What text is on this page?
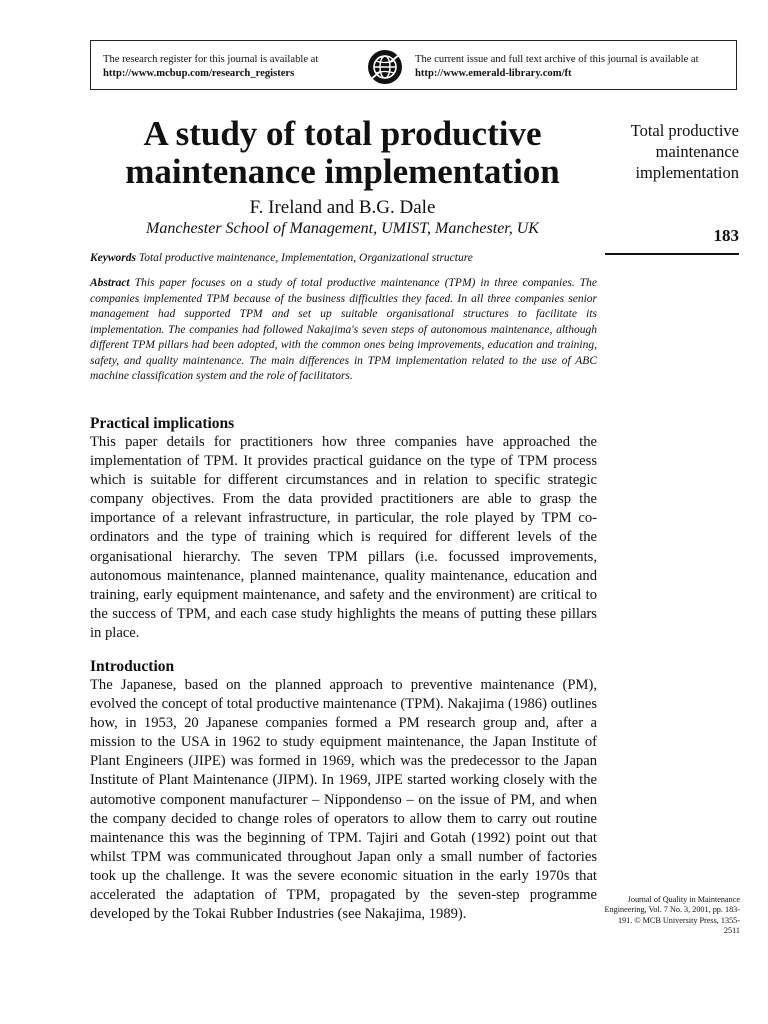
The research register for this journal is available at
http://www.mcbup.com/research_registers
The current issue and full text archive of this journal is available at
http://www.emerald-library.com/ft
A study of total productive maintenance implementation
F. Ireland and B.G. Dale
Manchester School of Management, UMIST, Manchester, UK
Total productive maintenance implementation
183
Keywords Total productive maintenance, Implementation, Organizational structure

Abstract This paper focuses on a study of total productive maintenance (TPM) in three companies. The companies implemented TPM because of the business difficulties they faced. In all three companies senior management had supported TPM and set up suitable organisational structures to facilitate its implementation. The companies had followed Nakajima's seven steps of autonomous maintenance, although different TPM pillars had been adopted, with the common ones being improvements, education and training, safety, and quality maintenance. The main differences in TPM implementation related to the use of ABC machine classification system and the role of facilitators.

Practical implications

This paper details for practitioners how three companies have approached the implementation of TPM. It provides practical guidance on the type of TPM process which is suitable for different circumstances and in relation to specific strategic company objectives. From the data provided practitioners are able to grasp the importance of a relevant infrastructure, in particular, the role played by TPM co-ordinators and the type of training which is required for different levels of the organisational hierarchy. The seven TPM pillars (i.e. focussed improvements, autonomous maintenance, planned maintenance, quality maintenance, education and training, early equipment maintenance, and safety and the environment) are critical to the success of TPM, and each case study highlights the means of putting these pillars in place.

Introduction

The Japanese, based on the planned approach to preventive maintenance (PM), evolved the concept of total productive maintenance (TPM). Nakajima (1986) outlines how, in 1953, 20 Japanese companies formed a PM research group and, after a mission to the USA in 1962 to study equipment maintenance, the Japan Institute of Plant Engineers (JIPE) was formed in 1969, which was the predecessor to the Japan Institute of Plant Maintenance (JIPM). In 1969, JIPE started working closely with the automotive component manufacturer – Nippondenso – on the issue of PM, and when the company decided to change roles of operators to allow them to carry out routine maintenance this was the beginning of TPM. Tajiri and Gotah (1992) point out that whilst TPM was communicated throughout Japan only a small number of factories took up the challenge. It was the severe economic situation in the early 1970s that accelerated the adaptation of TPM, propagated by the seven-step programme developed by the Tokai Rubber Industries (see Nakajima, 1989).

Journal of Quality in Maintenance Engineering, Vol. 7 No. 3, 2001, pp. 183-191. © MCB University Press, 1355-2511
